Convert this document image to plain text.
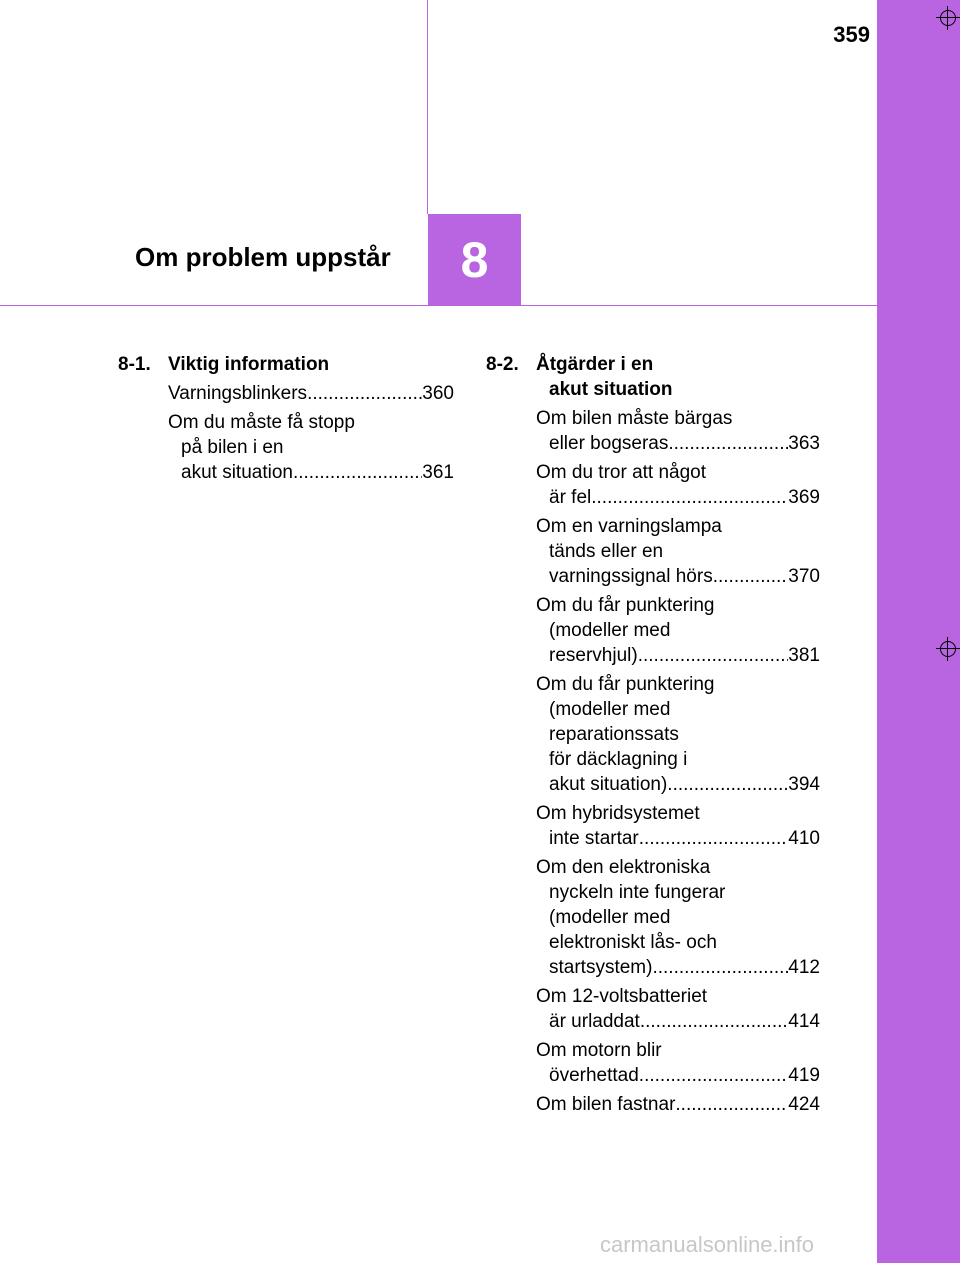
359
Om problem uppstår 8
8-1. Viktig information
Varningsblinkers .....	360
Om du måste få stopp
på bilen i en
akut situation .....	361
8-2. Åtgärder i en
akut situation
Om bilen måste bärgas
eller bogseras .....	363
Om du tror att något
är fel .....	369
Om en varningslampa
tänds eller en
varningssignal hörs .....	370
Om du får punktering
(modeller med
reservhjul) .....	381
Om du får punktering
(modeller med
reparationssats
för däcklagning i
akut situation) .....	394
Om hybridsystemet
inte startar .....	410
Om den elektroniska
nyckeln inte fungerar
(modeller med
elektroniskt lås- och
startsystem) .....	412
Om 12-voltsbatteriet
är urladdat .....	414
Om motorn blir
överhettad .....	419
Om bilen fastnar .....	424
carmanualsonline.info
